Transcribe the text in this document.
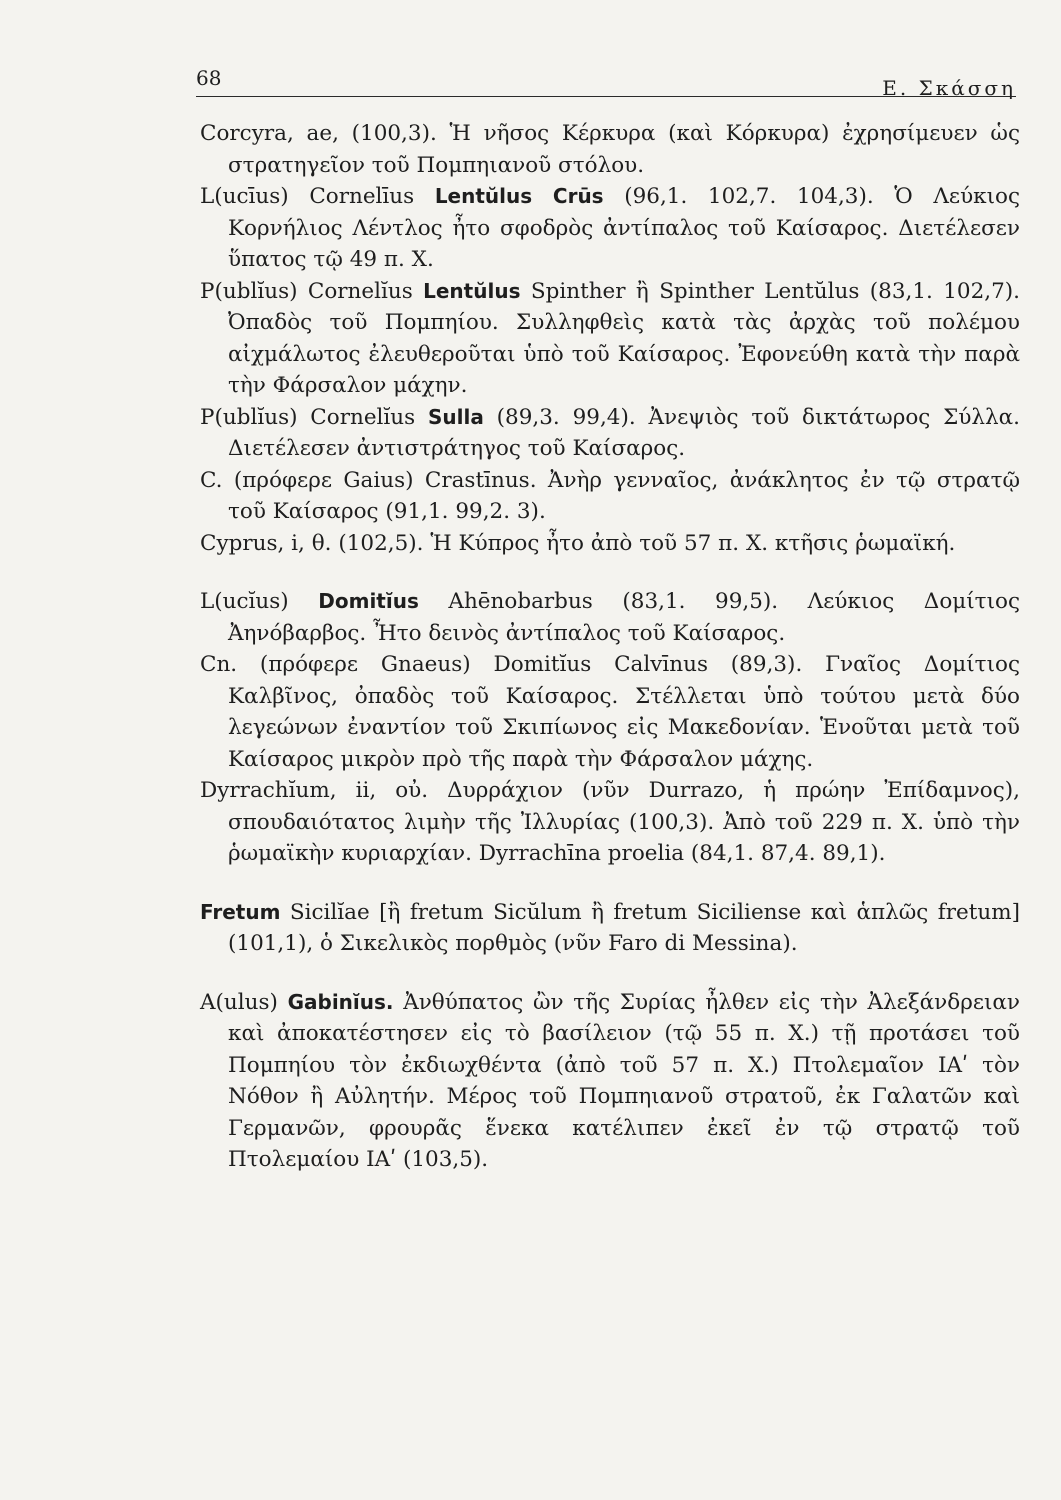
68	Ε. Σκάσση

Corcyra, ae, (100,3). Ἡ νῆσος Κέρκυρα (καὶ Κόρκυρα) ἐχρησίμευεν ὡς στρατηγεῖον τοῦ Πομπηιανοῦ στόλου.

L(ucīus) Cornelīus Lentŭlus Crūs (96,1. 102,7. 104,3). Ὁ Λεύκιος Κορνήλιος Λέντλος ἦτο σφοδρὸς ἀντίπαλος τοῦ Καίσαρος. Διετέλεσεν ὕπατος τῷ 49 π. Χ.

P(ublĭus) Cornelĭus Lentŭlus Spinther ἢ Spinther Lentŭlus (83,1. 102,7). Ὀπαδὸς τοῦ Πομπηίου. Συλληφθεὶς κατὰ τὰς ἀρχὰς τοῦ πολέμου αἰχμάλωτος ἐλευθεροῦται ὑπὸ τοῦ Καίσαρος. Ἐφονεύθη κατὰ τὴν παρὰ τὴν Φάρσαλον μάχην.

P(ublĭus) Cornelĭus Sulla (89,3. 99,4). Ἀνεψιὸς τοῦ δικτάτωρος Σύλλα. Διετέλεσεν ἀντιστράτηγος τοῦ Καίσαρος.

C. (πρόφερε Gaius) Crastīnus. Ἀνὴρ γενναῖος, ἀνάκλητος ἐν τῷ στρατῷ τοῦ Καίσαρος (91,1. 99,2. 3).

Cyprus, i, θ. (102,5). Ἡ Κύπρος ἦτο ἀπὸ τοῦ 57 π. Χ. κτῆσις ῥωμαϊκή.

L(ucĭus) Domitĭus Ahēnobarbus (83,1. 99,5). Λεύκιος Δομίτιος Ἀηνόβαρβος. Ἦτο δεινὸς ἀντίπαλος τοῦ Καίσαρος.

Cn. (πρόφερε Gnaeus) Domitĭus Calvīnus (89,3). Γναῖος Δομίτιος Καλβῖνος, ὀπαδὸς τοῦ Καίσαρος. Στέλλεται ὑπὸ τούτου μετὰ δύο λεγεώνων ἐναντίον τοῦ Σκιπίωνος εἰς Μακεδονίαν. Ἑνοῦται μετὰ τοῦ Καίσαρος μικρὸν πρὸ τῆς παρὰ τὴν Φάρσαλον μάχης.

Dyrrachĭum, ii, οὐ. Δυρράχιον (νῦν Durrazo, ἡ πρώην Ἐπίδαμνος), σπουδαιότατος λιμὴν τῆς Ἰλλυρίας (100,3). Ἀπὸ τοῦ 229 π. Χ. ὑπὸ τὴν ῥωμαϊκὴν κυριαρχίαν. Dyrrachīna proelia (84,1. 87,4. 89,1).

Fretum Sicilĭae [ἢ fretum Sicŭlum ἢ fretum Siciliense καὶ ἁπλῶς fretum] (101,1), ὁ Σικελικὸς πορθμὸς (νῦν Faro di Messina).

A(ulus) Gabinĭus. Ἀνθύπατος ὢν τῆς Συρίας ἦλθεν εἰς τὴν Ἀλεξάνδρειαν καὶ ἀποκατέστησεν εἰς τὸ βασίλειον (τῷ 55 π. Χ.) τῇ προτάσει τοῦ Πομπηίου τὸν ἐκδιωχθέντα (ἀπὸ τοῦ 57 π. Χ.) Πτολεμαῖον ΙΑʹ τὸν Νόθον ἢ Αὐλητήν. Μέρος τοῦ Πομπηιανοῦ στρατοῦ, ἐκ Γαλατῶν καὶ Γερμανῶν, φρουρᾶς ἕνεκα κατέλιπεν ἐκεῖ ἐν τῷ στρατῷ τοῦ Πτολεμαίου ΙΑʹ (103,5).
